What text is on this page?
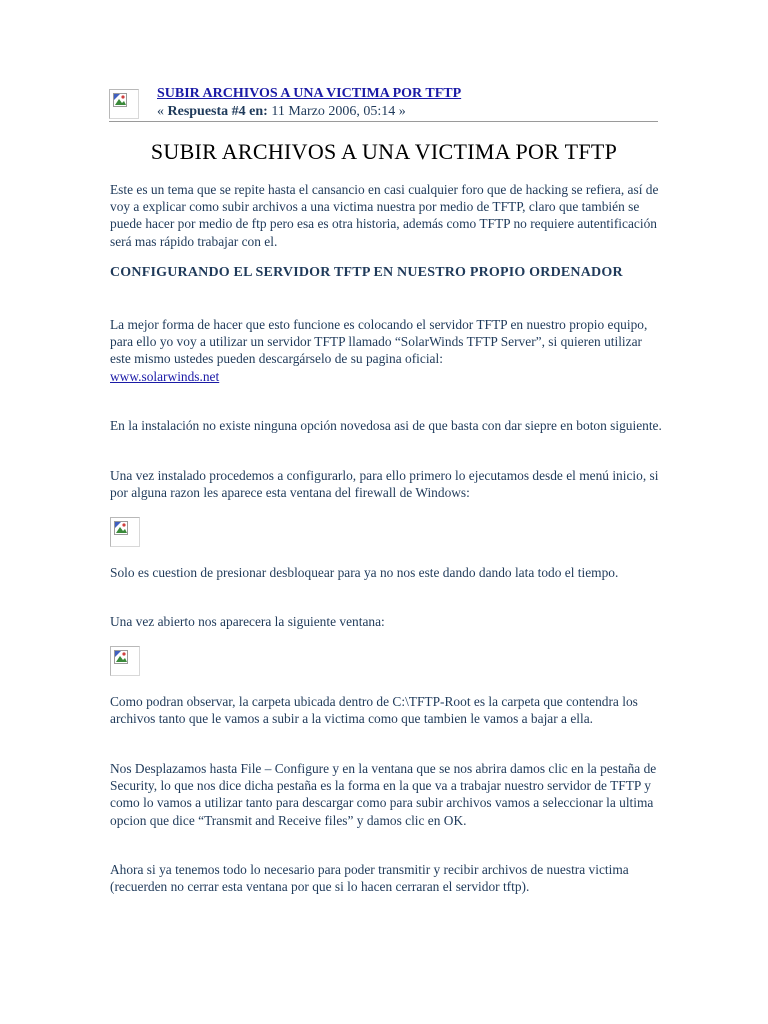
SUBIR ARCHIVOS A UNA VICTIMA POR TFTP
« Respuesta #4 en: 11 Marzo 2006, 05:14 »
SUBIR ARCHIVOS A UNA VICTIMA POR TFTP

Este es un tema que se repite hasta el cansancio en casi cualquier foro que de hacking se refiera, así de voy a explicar como subir archivos a una victima nuestra por medio de TFTP, claro que también se puede hacer por medio de ftp pero esa es otra historia, además como TFTP no requiere autentificación será mas rápido trabajar con el.

CONFIGURANDO EL SERVIDOR TFTP EN NUESTRO PROPIO ORDENADOR

La mejor forma de hacer que esto funcione es colocando el servidor TFTP en nuestro propio equipo, para ello yo voy a utilizar un servidor TFTP llamado “SolarWinds TFTP Server”, si quieren utilizar este mismo ustedes pueden descargárselo de su pagina oficial:
www.solarwinds.net

En la instalación no existe ninguna opción novedosa asi de que basta con dar siepre en boton siguiente.

Una vez instalado procedemos a configurarlo, para ello primero lo ejecutamos desde el menú inicio, si por alguna razon les aparece esta ventana del firewall de Windows:

Solo es cuestion de presionar desbloquear para ya no nos este dando dando lata todo el tiempo.

Una vez abierto nos aparecera la siguiente ventana:

Como podran observar, la carpeta ubicada dentro de C:\TFTP-Root es la carpeta que contendra los archivos tanto que le vamos a subir a la victima como que tambien le vamos a bajar a ella.

Nos Desplazamos hasta File – Configure y en la ventana que se nos abrira damos clic en la pestaña de Security, lo que nos dice dicha pestaña es la forma en la que va a trabajar nuestro servidor de TFTP y como lo vamos a utilizar tanto para descargar como para subir archivos vamos a seleccionar la ultima opcion que dice “Transmit and Receive files” y damos clic en OK.

Ahora si ya tenemos todo lo necesario para poder transmitir y recibir archivos de nuestra victima (recuerden no cerrar esta ventana por que si lo hacen cerraran el servidor tftp).
